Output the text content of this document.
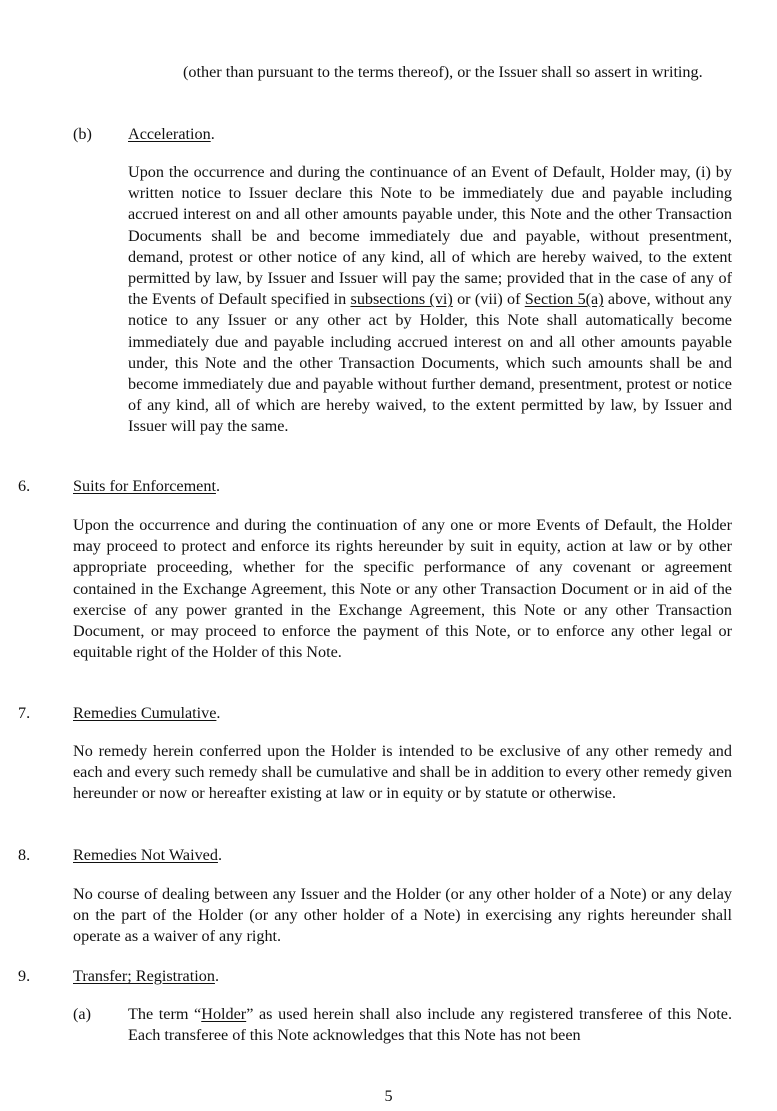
(other than pursuant to the terms thereof), or the Issuer shall so assert in writing.

(b) Acceleration.

Upon the occurrence and during the continuance of an Event of Default, Holder may, (i) by written notice to Issuer declare this Note to be immediately due and payable including accrued interest on and all other amounts payable under, this Note and the other Transaction Documents shall be and become immediately due and payable, without presentment, demand, protest or other notice of any kind, all of which are hereby waived, to the extent permitted by law, by Issuer and Issuer will pay the same; provided that in the case of any of the Events of Default specified in subsections (vi) or (vii) of Section 5(a) above, without any notice to any Issuer or any other act by Holder, this Note shall automatically become immediately due and payable including accrued interest on and all other amounts payable under, this Note and the other Transaction Documents, which such amounts shall be and become immediately due and payable without further demand, presentment, protest or notice of any kind, all of which are hereby waived, to the extent permitted by law, by Issuer and Issuer will pay the same.

6.	Suits for Enforcement.

Upon the occurrence and during the continuation of any one or more Events of Default, the Holder may proceed to protect and enforce its rights hereunder by suit in equity, action at law or by other appropriate proceeding, whether for the specific performance of any covenant or agreement contained in the Exchange Agreement, this Note or any other Transaction Document or in aid of the exercise of any power granted in the Exchange Agreement, this Note or any other Transaction Document, or may proceed to enforce the payment of this Note, or to enforce any other legal or equitable right of the Holder of this Note.

7.	Remedies Cumulative.

No remedy herein conferred upon the Holder is intended to be exclusive of any other remedy and each and every such remedy shall be cumulative and shall be in addition to every other remedy given hereunder or now or hereafter existing at law or in equity or by statute or otherwise.

8.	Remedies Not Waived.

No course of dealing between any Issuer and the Holder (or any other holder of a Note) or any delay on the part of the Holder (or any other holder of a Note) in exercising any rights hereunder shall operate as a waiver of any right.

9.	Transfer; Registration.

(a) The term “Holder” as used herein shall also include any registered transferee of this Note. Each transferee of this Note acknowledges that this Note has not been

5
